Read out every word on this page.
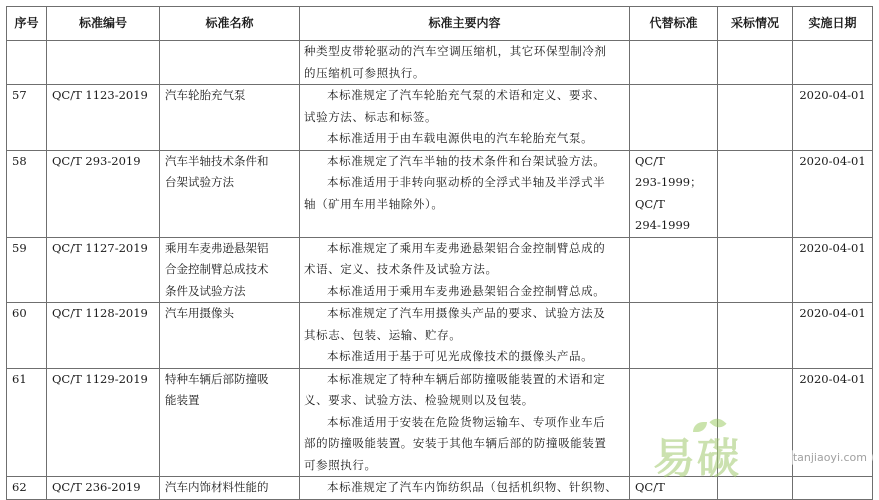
序号	标准编号	标准名称	标准主要内容	代替标准	采标情况	实施日期

			种类型皮带轮驱动的汽车空调压缩机，其它环保型制冷剂
的压缩机可参照执行。			

57	QC/T 1123-2019	汽车轮胎充气泵	本标准规定了汽车轮胎充气泵的术语和定义、要求、
试验方法、标志和标签。
本标准适用于由车载电源供电的汽车轮胎充气泵。			2020-04-01
58	QC/T 293-2019	汽车半轴技术条件和
台架试验方法	本标准规定了汽车半轴的技术条件和台架试验方法。
本标准适用于非转向驱动桥的全浮式半轴及半浮式半
轴（矿用车用半轴除外）。	QC/T
293-1999；
QC/T
294-1999		2020-04-01
59	QC/T 1127-2019	乘用车麦弗逊悬架铝
合金控制臂总成技术
条件及试验方法	本标准规定了乘用车麦弗逊悬架铝合金控制臂总成的
术语、定义、技术条件及试验方法。
本标准适用于乘用车麦弗逊悬架铝合金控制臂总成。			2020-04-01
60	QC/T 1128-2019	汽车用摄像头	本标准规定了汽车用摄像头产品的要求、试验方法及
其标志、包装、运输、贮存。
本标准适用于基于可见光成像技术的摄像头产品。			2020-04-01
61	QC/T 1129-2019	特种车辆后部防撞吸
能装置	本标准规定了特种车辆后部防撞吸能装置的术语和定
义、要求、试验方法、检验规则以及包装。
本标准适用于安装在危险货物运输车、专项作业车后
部的防撞吸能装置。安装于其他车辆后部的防撞吸能装置
可参照执行。			2020-04-01
62	QC/T 236-2019	汽车内饰材料性能的	本标准规定了汽车内饰纺织品（包括机织物、针织物、	QC/T		

易碳	tanjiaoyi.com
